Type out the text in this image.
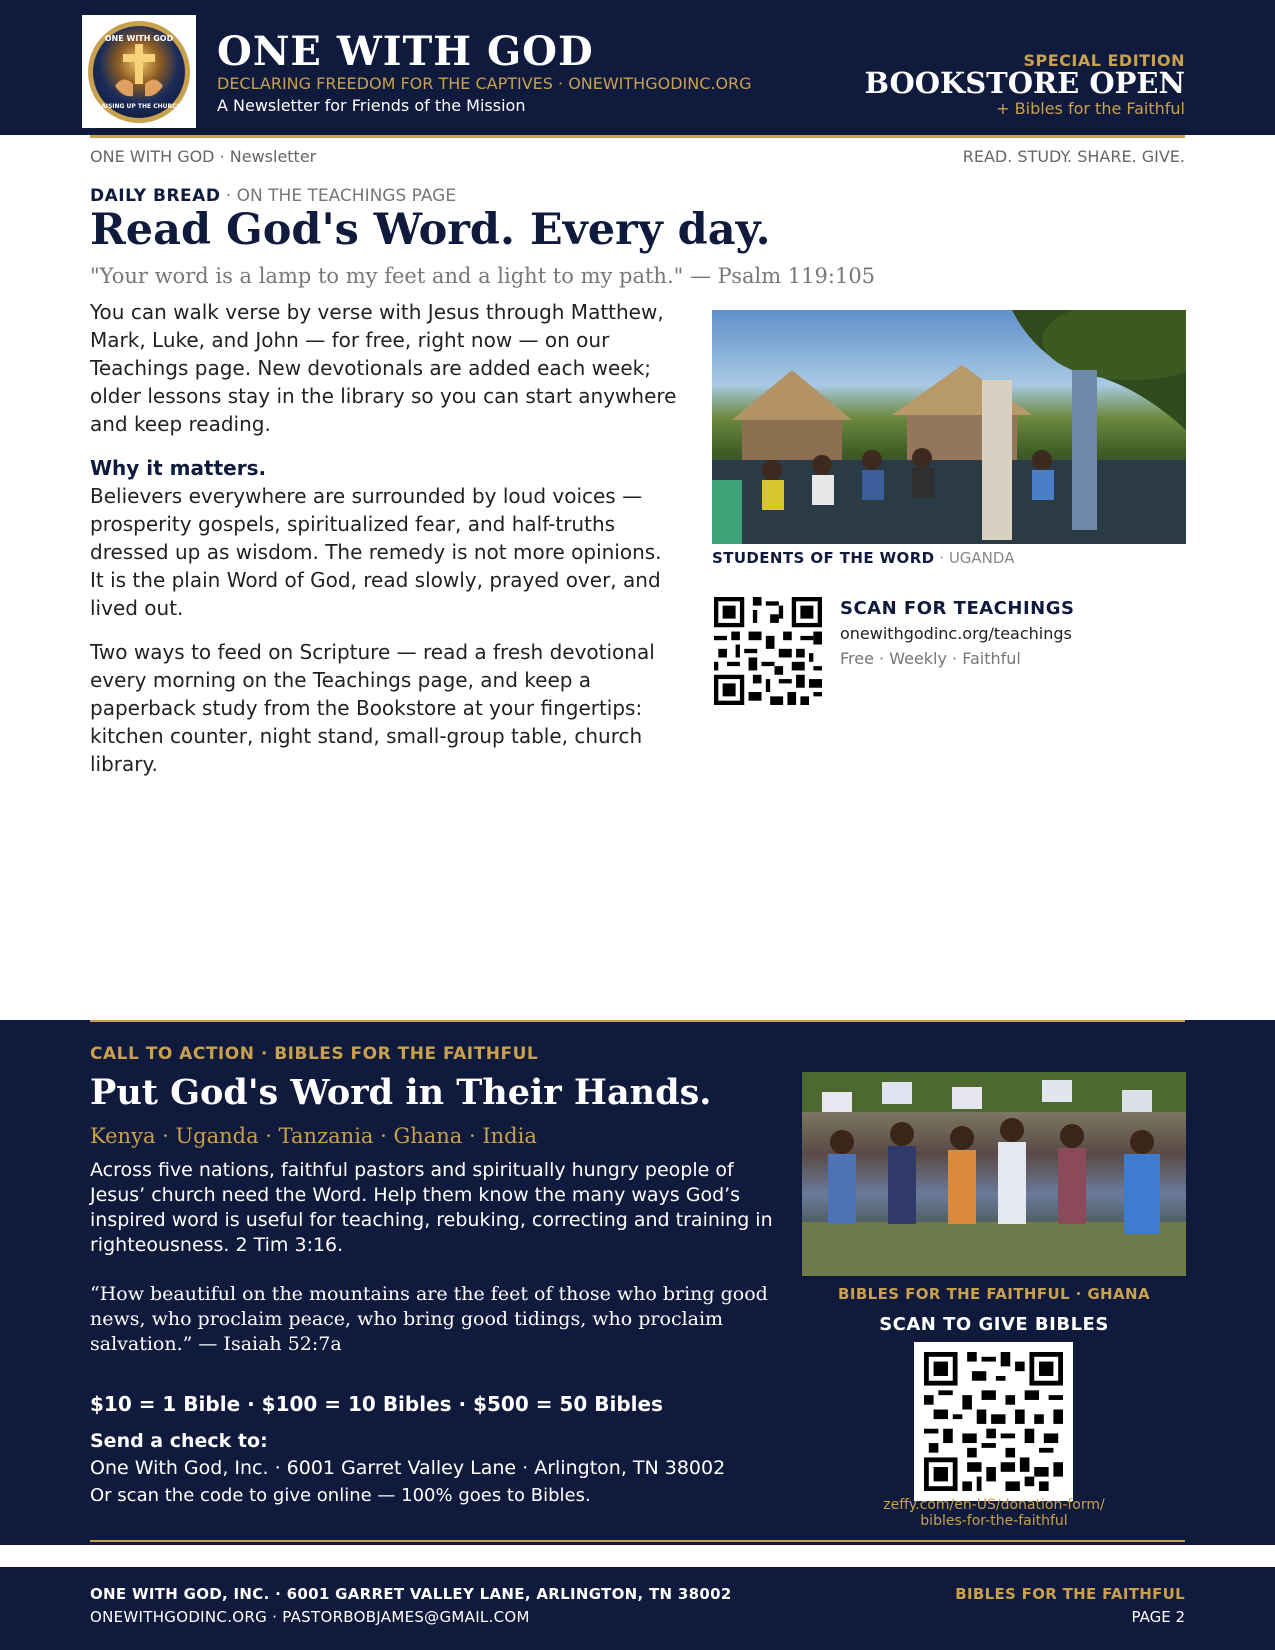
ONE WITH GOD
RAISING UP THE CHURCH
ONE WITH GOD
DECLARING FREEDOM FOR THE CAPTIVES · ONEWITHGODINC.ORG
A Newsletter for Friends of the Mission
SPECIAL EDITION
BOOKSTORE OPEN
+ Bibles for the Faithful
ONE WITH GOD · Newsletter	READ. STUDY. SHARE. GIVE.
DAILY BREAD · ON THE TEACHINGS PAGE
Read God's Word. Every day.
"Your word is a lamp to my feet and a light to my path." — Psalm 119:105

You can walk verse by verse with Jesus through Matthew, Mark, Luke, and John — for free, right now — on our Teachings page. New devotionals are added each week; older lessons stay in the library so you can start anywhere and keep reading.

Why it matters.

Believers everywhere are surrounded by loud voices — prosperity gospels, spiritualized fear, and half-truths dressed up as wisdom. The remedy is not more opinions. It is the plain Word of God, read slowly, prayed over, and lived out.

Two ways to feed on Scripture — read a fresh devotional every morning on the Teachings page, and keep a paperback study from the Bookstore at your fingertips: kitchen counter, night stand, small-group table, church library.

STUDENTS OF THE WORD · UGANDA
SCAN FOR TEACHINGS
onewithgodinc.org/teachings
Free · Weekly · Faithful
CALL TO ACTION · BIBLES FOR THE FAITHFUL
Put God's Word in Their Hands.
Kenya · Uganda · Tanzania · Ghana · India
Across five nations, faithful pastors and spiritually hungry people of Jesus’ church need the Word. Help them know the many ways God’s inspired word is useful for teaching, rebuking, correcting and training in righteousness. 2 Tim 3:16.
“How beautiful on the mountains are the feet of those who bring good news, who proclaim peace, who bring good tidings, who proclaim salvation.” — Isaiah 52:7a
$10 = 1 Bible · $100 = 10 Bibles · $500 = 50 Bibles
Send a check to:
One With God, Inc. · 6001 Garret Valley Lane · Arlington, TN 38002
Or scan the code to give online — 100% goes to Bibles.
BIBLES FOR THE FAITHFUL · GHANA
SCAN TO GIVE BIBLES
zeffy.com/en-US/donation-form/
bibles-for-the-faithful
ONE WITH GOD, INC. · 6001 GARRET VALLEY LANE, ARLINGTON, TN 38002
ONEWITHGODINC.ORG · PASTORBOBJAMES@GMAIL.COM
BIBLES FOR THE FAITHFUL
PAGE 2
